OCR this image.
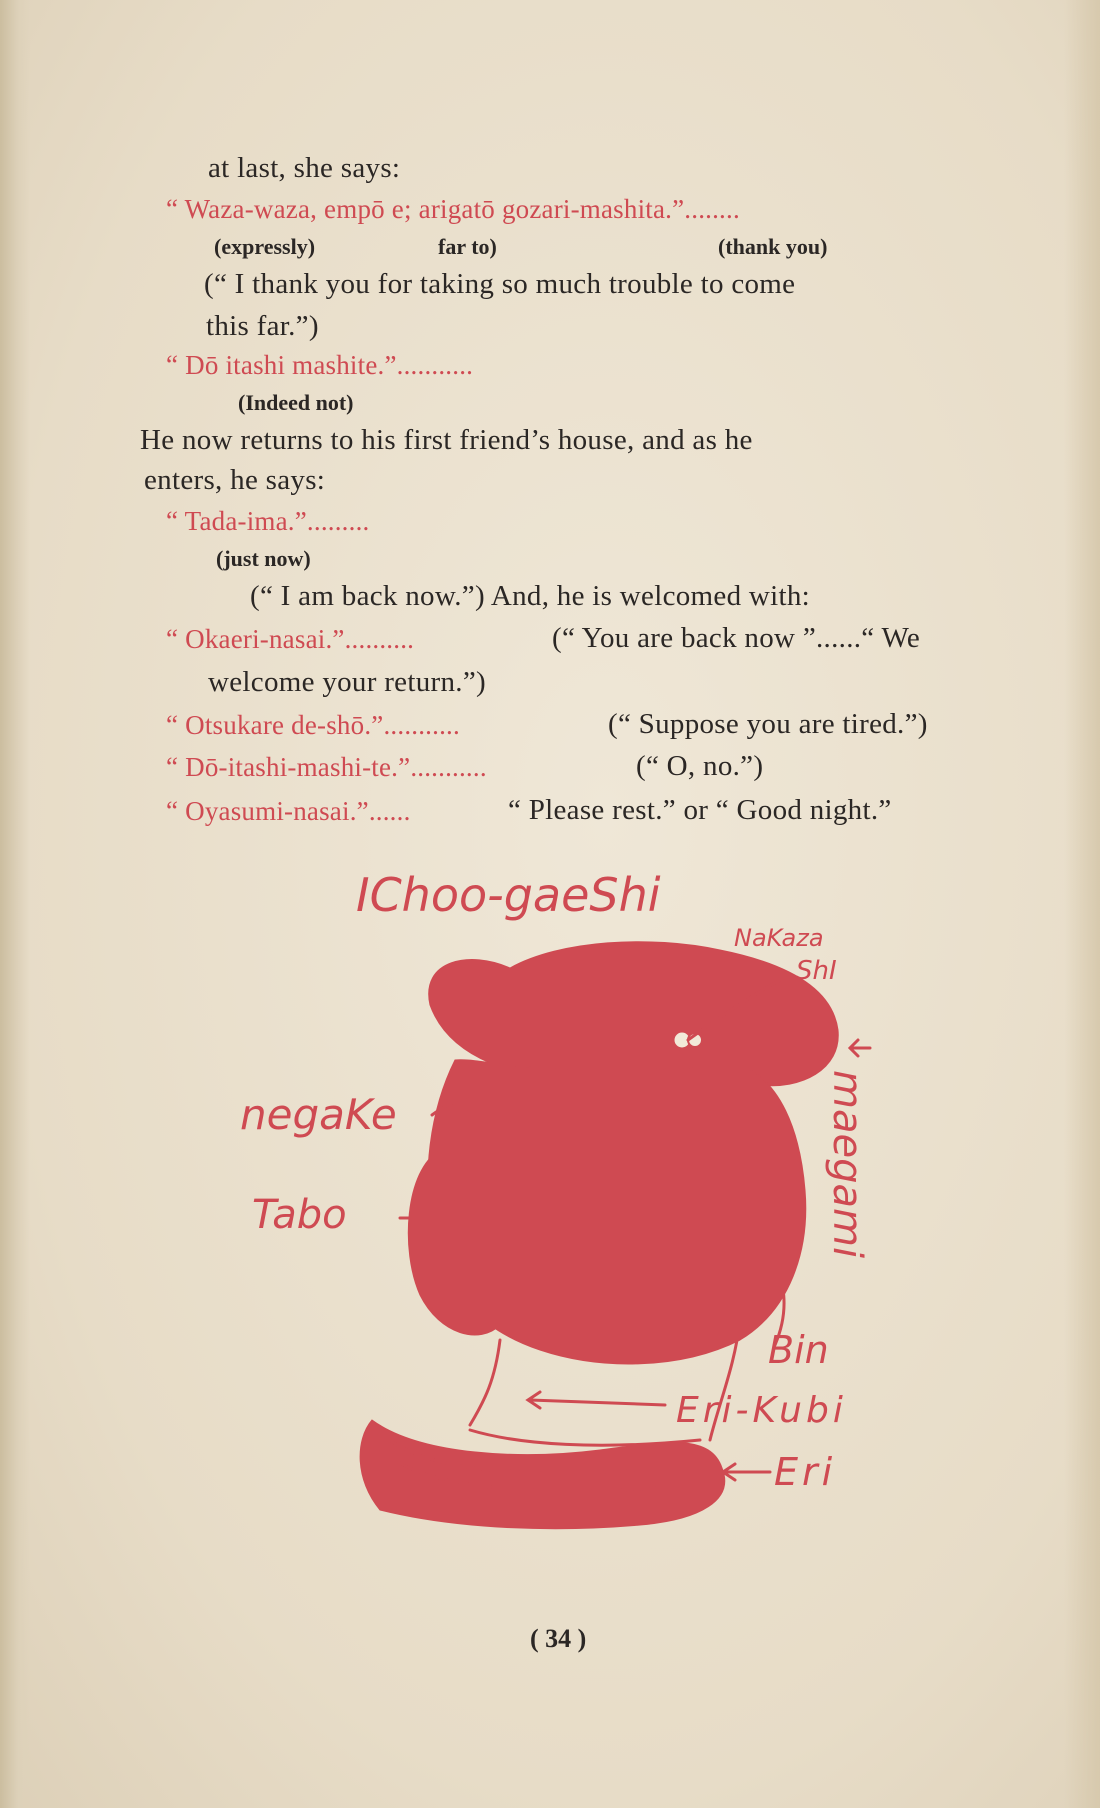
at last, she says:
“ Waza-waza, empō e; arigatō gozari-mashita.”........
(expressly)	far to)	(thank you)
(“ I thank you for taking so much trouble to come
this far.”)
“ Dō itashi mashite.”...........
(Indeed not)
He now returns to his first friend’s house, and as he
enters, he says:
“ Tada-ima.”.........
(just now)
(“ I am back now.”) And, he is welcomed with:
“ Okaeri-nasai.”..........	(“ You are back now ”......“ We
welcome your return.”)
“ Otsukare de-shō.”...........	(“ Suppose you are tired.”)
“ Dō-itashi-mashi-te.”...........	(“ O, no.”)
“ Oyasumi-nasai.”......	“ Please rest.” or “ Good night.”
IChoo-gaeShi
NaKaza
ShI
negaKe
Tabo	maegami
Bin
Eri-Kubi
Eri
( 34 )
